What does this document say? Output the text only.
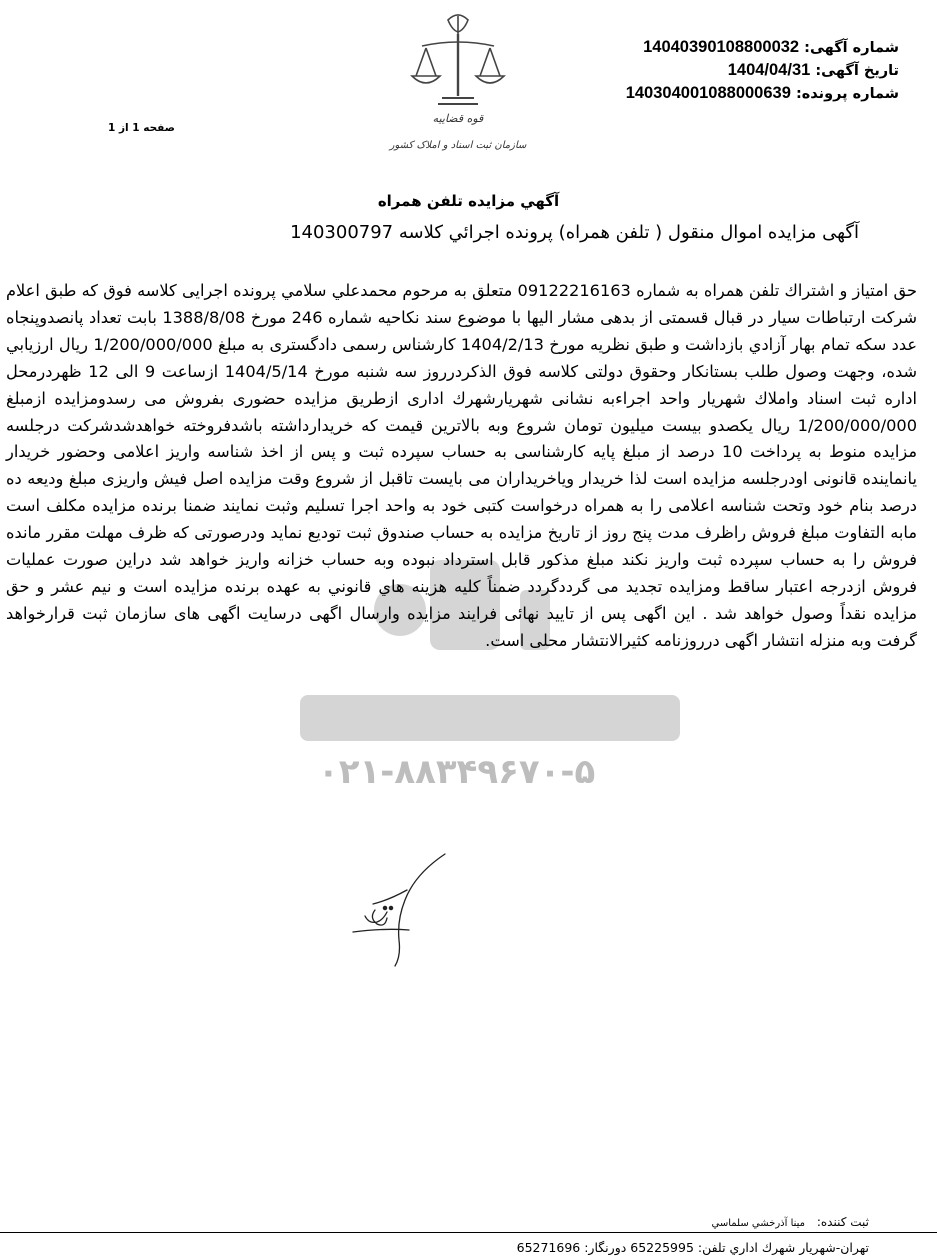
شماره آگهی: 14040390108800032
تاریخ آگهی: 1404/04/31
شماره پرونده: 140304001088000639
صفحه 1 از 1
قوه قضاییه
سازمان ثبت اسناد و املاک کشور
آگهي مزايده تلفن همراه
آگهی مزایده اموال منقول ( تلفن همراه) پرونده اجرائي كلاسه 140300797
۰۲۱-۸۸۳۴۹۶۷۰-۵
حق امتياز و اشتراك تلفن همراه به شماره 09122216163 متعلق به مرحوم محمدعلي سلامي پرونده اجرايى كلاسه فوق كه طبق اعلام شركت ارتباطات سيار در قبال قسمتى از بدهى مشار اليها با موضوع سند نكاحيه شماره 246 مورخ 1388/8/08 بابت تعداد پانصدوپنجاه عدد سكه تمام بهار آزادي بازداشت و طبق نظريه مورخ 1404/2/13 كارشناس رسمى دادگسترى به مبلغ 1/200/000/000 ريال ارزيابي شده، وجهت وصول طلب بستانكار وحقوق دولتى كلاسه فوق الذكردرروز سه شنبه مورخ 1404/5/14 ازساعت 9 الى 12 ظهردرمحل اداره ثبت اسناد واملاك شهريار واحد اجراءبه نشانى شهريارشهرك ادارى ازطريق مزايده حضورى بفروش مى رسدومزايده ازمبلغ 1/200/000/000 ريال يكصدو بيست ميليون تومان شروع وبه بالاترين قيمت كه خريدارداشته باشدفروخته خواهدشدشركت درجلسه مزايده منوط به پرداخت 10 درصد از مبلغ پايه كارشناسى به حساب سپرده ثبت و پس از اخذ شناسه واريز اعلامى وحضور خريدار يانماينده قانونى اودرجلسه مزايده است لذا خريدار وياخريداران مى بايست تاقبل از شروع وقت مزايده اصل فيش واريزى مبلغ وديعه ده درصد بنام خود وتحت شناسه اعلامى را به همراه درخواست كتبى خود به واحد اجرا تسليم وثبت نمايند ضمنا برنده مزايده مكلف است مابه التفاوت مبلغ فروش راظرف مدت پنج روز از تاريخ مزايده به حساب صندوق ثبت توديع نمايد ودرصورتى كه ظرف مهلت مقرر مانده فروش را به حساب سپرده ثبت واريز نكند مبلغ مذكور قابل استرداد نبوده وبه حساب خزانه واريز خواهد شد دراين صورت عمليات فروش ازدرجه اعتبار ساقط ومزايده تجديد مى گرددگردد ضمناً كليه هزينه هاي قانوني به عهده برنده مزايده است و نيم عشر و حق مزايده نقداً وصول خواهد شد . اين اگهى پس از تاييد نهائى فرايند مزايده وارسال اگهى درسايت اگهى هاى سازمان ثبت قرارخواهد گرفت وبه منزله انتشار اگهى درروزنامه كثيرالانتشار محلى است.
ثبت كننده: مينا آذرخشي سلماسي
تهران-شهريار شهرك اداري تلفن: 65225995 دورنگار: 65271696
